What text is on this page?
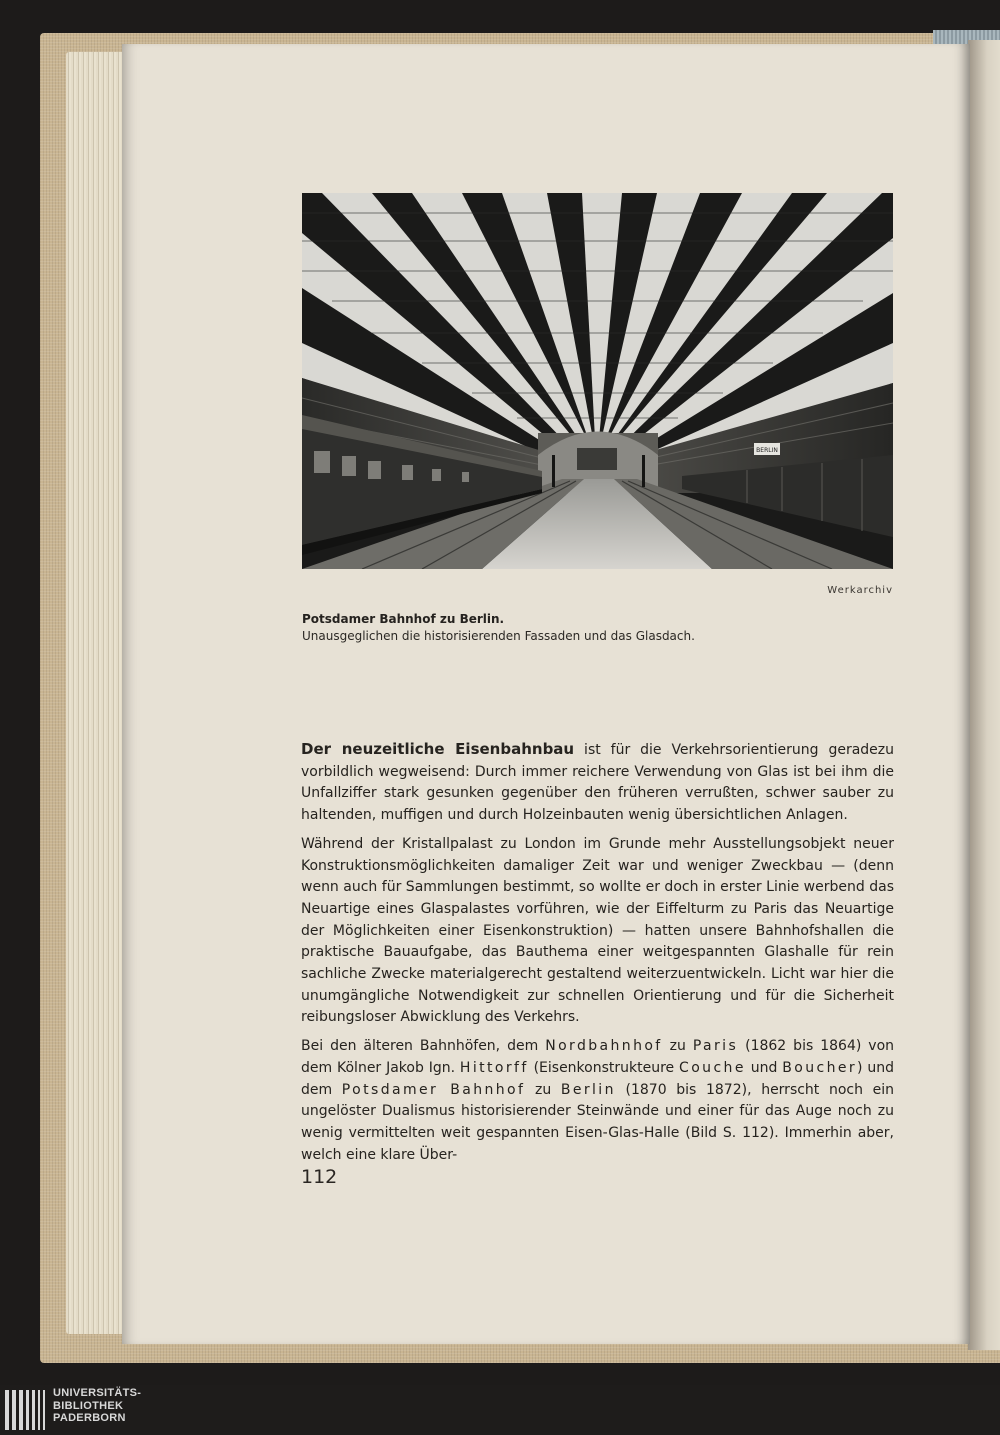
BERLIN
Werkarchiv
Potsdamer Bahnhof zu Berlin.
Unausgeglichen die historisierenden Fassaden und das Glasdach.

Der neuzeitliche Eisenbahnbau ist für die Verkehrsorientierung geradezu vorbildlich wegweisend: Durch immer reichere Verwendung von Glas ist bei ihm die Unfallziffer stark gesunken gegenüber den früheren verrußten, schwer sauber zu haltenden, muffigen und durch Holzeinbauten wenig übersichtlichen Anlagen.

Während der Kristallpalast zu London im Grunde mehr Ausstellungsobjekt neuer Konstruktionsmöglichkeiten damaliger Zeit war und weniger Zweckbau — (denn wenn auch für Sammlungen bestimmt, so wollte er doch in erster Linie werbend das Neuartige eines Glaspalastes vorführen, wie der Eiffelturm zu Paris das Neuartige der Möglichkeiten einer Eisenkonstruktion) — hatten unsere Bahnhofshallen die praktische Bauaufgabe, das Bauthema einer weitgespannten Glashalle für rein sachliche Zwecke materialgerecht gestaltend weiterzuentwickeln. Licht war hier die unumgängliche Notwendigkeit zur schnellen Orientierung und für die Sicherheit reibungsloser Abwicklung des Verkehrs.

Bei den älteren Bahnhöfen, dem Nordbahnhof zu Paris (1862 bis 1864) von dem Kölner Jakob Ign. Hittorff (Eisenkonstrukteure Couche und Boucher) und dem Potsdamer Bahnhof zu Berlin (1870 bis 1872), herrscht noch ein ungelöster Dualismus historisierender Steinwände und einer für das Auge noch zu wenig vermittelten weit gespannten Eisen-Glas-Halle (Bild S. 112). Immerhin aber, welch eine klare Über-

112
UNIVERSITÄTS-
BIBLIOTHEK
PADERBORN
